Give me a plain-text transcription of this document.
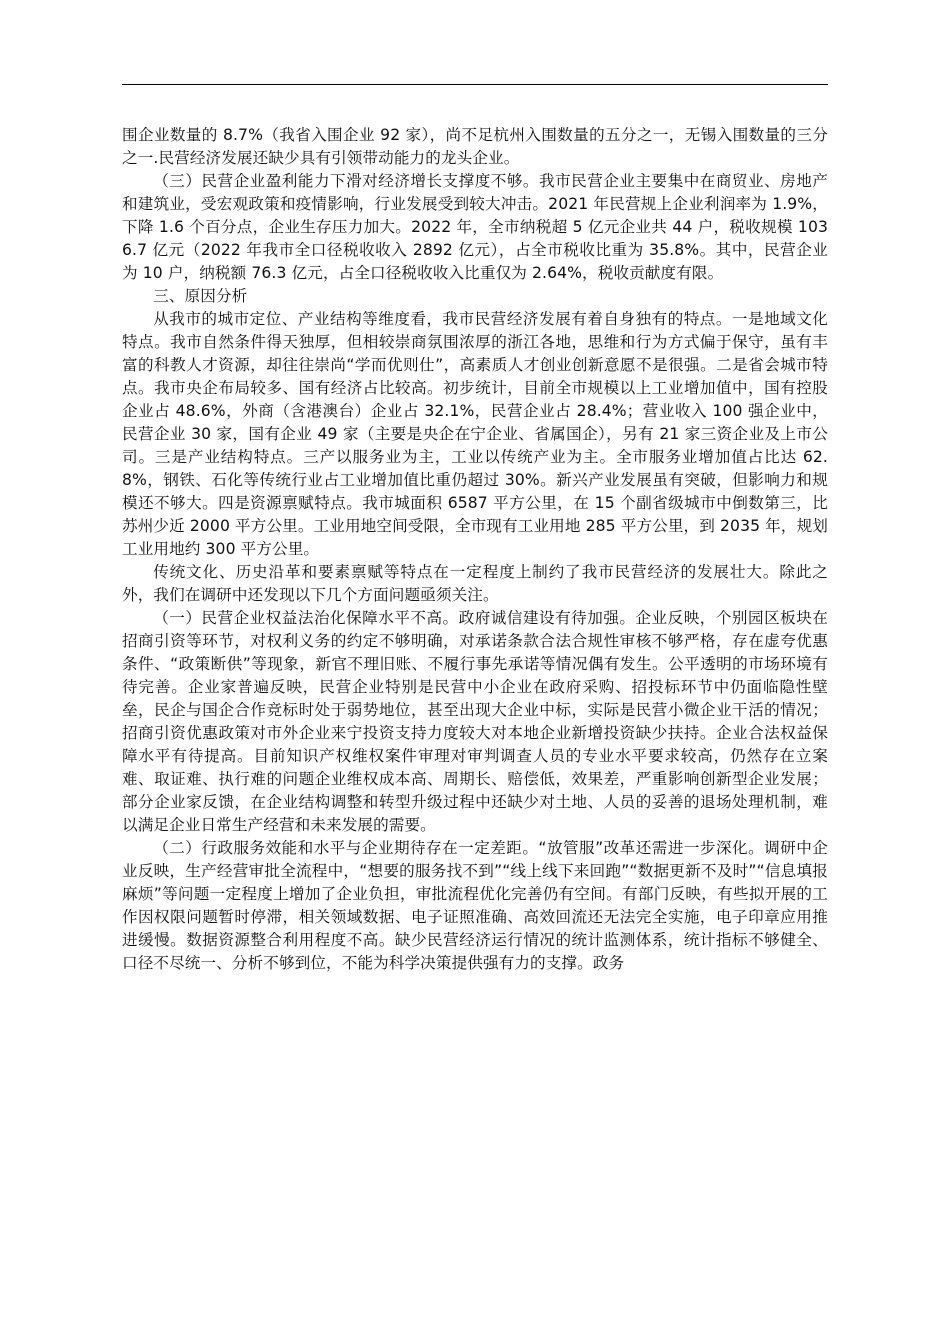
围企业数量的 8.7%（我省入围企业 92 家），尚不足杭州入围数量的五分之一，无锡入围数量的三分之一.民营经济发展还缺少具有引领带动能力的龙头企业。

（三）民营企业盈利能力下滑对经济增长支撑度不够。我市民营企业主要集中在商贸业、房地产和建筑业，受宏观政策和疫情影响，行业发展受到较大冲击。2021 年民营规上企业利润率为 1.9%，下降 1.6 个百分点，企业生存压力加大。2022 年，全市纳税超 5 亿元企业共 44 户，税收规模 1036.7 亿元（2022 年我市全口径税收收入 2892 亿元），占全市税收比重为 35.8%。其中，民营企业为 10 户，纳税额 76.3 亿元，占全口径税收收入比重仅为 2.64%，税收贡献度有限。

三、原因分析

从我市的城市定位、产业结构等维度看，我市民营经济发展有着自身独有的特点。一是地域文化特点。我市自然条件得天独厚，但相较崇商氛围浓厚的浙江各地，思维和行为方式偏于保守，虽有丰富的科教人才资源，却往往崇尚“学而优则仕”，高素质人才创业创新意愿不是很强。二是省会城市特点。我市央企布局较多、国有经济占比较高。初步统计，目前全市规模以上工业增加值中，国有控股企业占 48.6%，外商（含港澳台）企业占 32.1%，民营企业占 28.4%；营业收入 100 强企业中，民营企业 30 家，国有企业 49 家（主要是央企在宁企业、省属国企），另有 21 家三资企业及上市公司。三是产业结构特点。三产以服务业为主，工业以传统产业为主。全市服务业增加值占比达 62.8%，钢铁、石化等传统行业占工业增加值比重仍超过 30%。新兴产业发展虽有突破，但影响力和规模还不够大。四是资源禀赋特点。我市城面积 6587 平方公里，在 15 个副省级城市中倒数第三，比苏州少近 2000 平方公里。工业用地空间受限，全市现有工业用地 285 平方公里，到 2035 年，规划工业用地约 300 平方公里。

传统文化、历史沿革和要素禀赋等特点在一定程度上制约了我市民营经济的发展壮大。除此之外，我们在调研中还发现以下几个方面问题亟须关注。

（一）民营企业权益法治化保障水平不高。政府诚信建设有待加强。企业反映，个别园区板块在招商引资等环节，对权利义务的约定不够明确，对承诺条款合法合规性审核不够严格，存在虚夸优惠条件、“政策断供”等现象，新官不理旧账、不履行事先承诺等情况偶有发生。公平透明的市场环境有待完善。企业家普遍反映，民营企业特别是民营中小企业在政府采购、招投标环节中仍面临隐性壁垒，民企与国企合作竞标时处于弱势地位，甚至出现大企业中标，实际是民营小微企业干活的情况；招商引资优惠政策对市外企业来宁投资支持力度较大对本地企业新增投资缺少扶持。企业合法权益保障水平有待提高。目前知识产权维权案件审理对审判调查人员的专业水平要求较高，仍然存在立案难、取证难、执行难的问题企业维权成本高、周期长、赔偿低，效果差，严重影响创新型企业发展；部分企业家反馈，在企业结构调整和转型升级过程中还缺少对土地、人员的妥善的退场处理机制，难以满足企业日常生产经营和未来发展的需要。

（二）行政服务效能和水平与企业期待存在一定差距。“放管服”改革还需进一步深化。调研中企业反映，生产经营审批全流程中，“想要的服务找不到”“线上线下来回跑”“数据更新不及时”“信息填报麻烦”等问题一定程度上增加了企业负担，审批流程优化完善仍有空间。有部门反映，有些拟开展的工作因权限问题暂时停滞，相关领域数据、电子证照准确、高效回流还无法完全实施，电子印章应用推进缓慢。数据资源整合利用程度不高。缺少民营经济运行情况的统计监测体系，统计指标不够健全、口径不尽统一、分析不够到位，不能为科学决策提供强有力的支撑。政务
